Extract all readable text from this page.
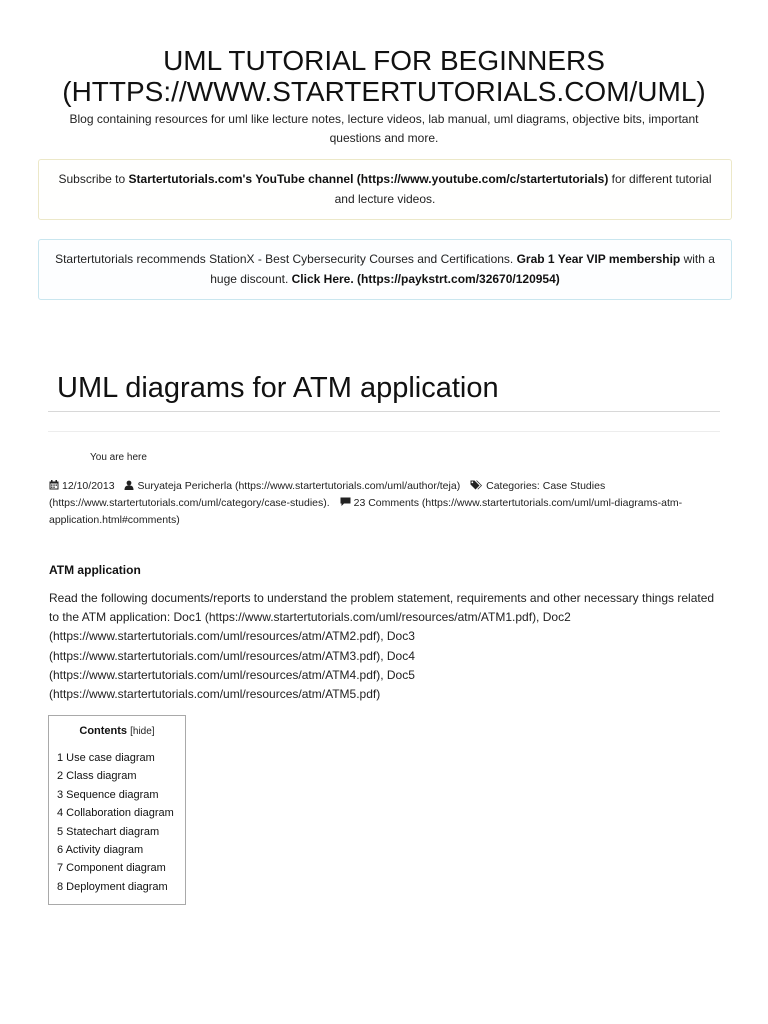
UML TUTORIAL FOR BEGINNERS
(HTTPS://WWW.STARTERTUTORIALS.COM/UML)
Blog containing resources for uml like lecture notes, lecture videos, lab manual, uml diagrams, objective bits, important questions and more.
Subscribe to Startertutorials.com's YouTube channel (https://www.youtube.com/c/startertutorials) for different tutorial and lecture videos.
Startertutorials recommends StationX - Best Cybersecurity Courses and Certifications. Grab 1 Year VIP membership with a huge discount. Click Here. (https://paykstrt.com/32670/120954)
UML diagrams for ATM application
You are here
12/10/2013 Suryateja Pericherla (https://www.startertutorials.com/uml/author/teja) Categories: Case Studies (https://www.startertutorials.com/uml/category/case-studies). 23 Comments (https://www.startertutorials.com/uml/uml-diagrams-atm-application.html#comments)
ATM application
Read the following documents/reports to understand the problem statement, requirements and other necessary things related to the ATM application: Doc1 (https://www.startertutorials.com/uml/resources/atm/ATM1.pdf), Doc2 (https://www.startertutorials.com/uml/resources/atm/ATM2.pdf), Doc3 (https://www.startertutorials.com/uml/resources/atm/ATM3.pdf), Doc4 (https://www.startertutorials.com/uml/resources/atm/ATM4.pdf), Doc5 (https://www.startertutorials.com/uml/resources/atm/ATM5.pdf)
Contents [hide]
1 Use case diagram
2 Class diagram
3 Sequence diagram
4 Collaboration diagram
5 Statechart diagram
6 Activity diagram
7 Component diagram
8 Deployment diagram
